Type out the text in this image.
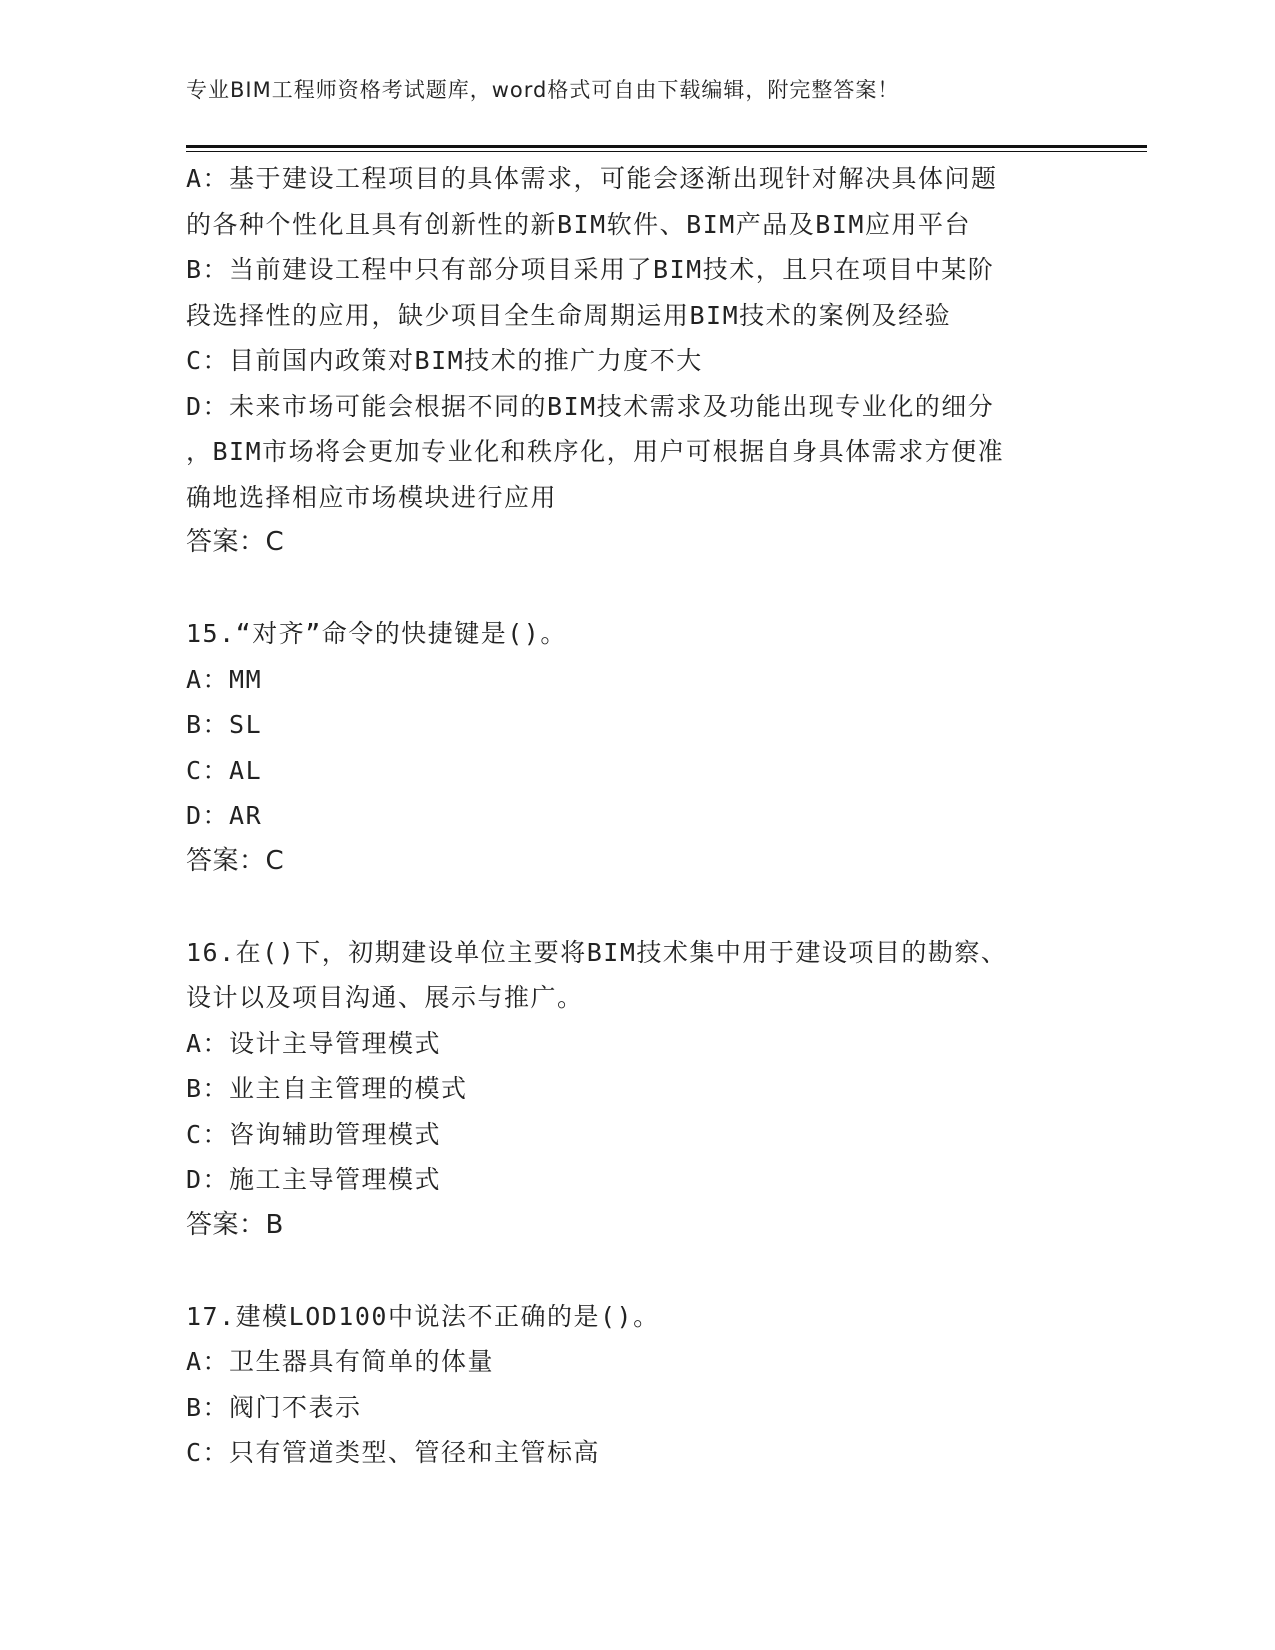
专业BIM工程师资格考试题库，word格式可自由下载编辑，附完整答案！
A：基于建设工程项目的具体需求，可能会逐渐出现针对解决具体问题
的各种个性化且具有创新性的新BIM软件、BIM产品及BIM应用平台
B：当前建设工程中只有部分项目采用了BIM技术，且只在项目中某阶
段选择性的应用，缺少项目全生命周期运用BIM技术的案例及经验
C：目前国内政策对BIM技术的推广力度不大
D：未来市场可能会根据不同的BIM技术需求及功能出现专业化的细分
，BIM市场将会更加专业化和秩序化，用户可根据自身具体需求方便准
确地选择相应市场模块进行应用
答案：C
15.“对齐”命令的快捷键是()。
A：MM
B：SL
C：AL
D：AR
答案：C
16.在()下，初期建设单位主要将BIM技术集中用于建设项目的勘察、
设计以及项目沟通、展示与推广。
A：设计主导管理模式
B：业主自主管理的模式
C：咨询辅助管理模式
D：施工主导管理模式
答案：B
17.建模LOD100中说法不正确的是()。
A：卫生器具有简单的体量
B：阀门不表示
C：只有管道类型、管径和主管标高
